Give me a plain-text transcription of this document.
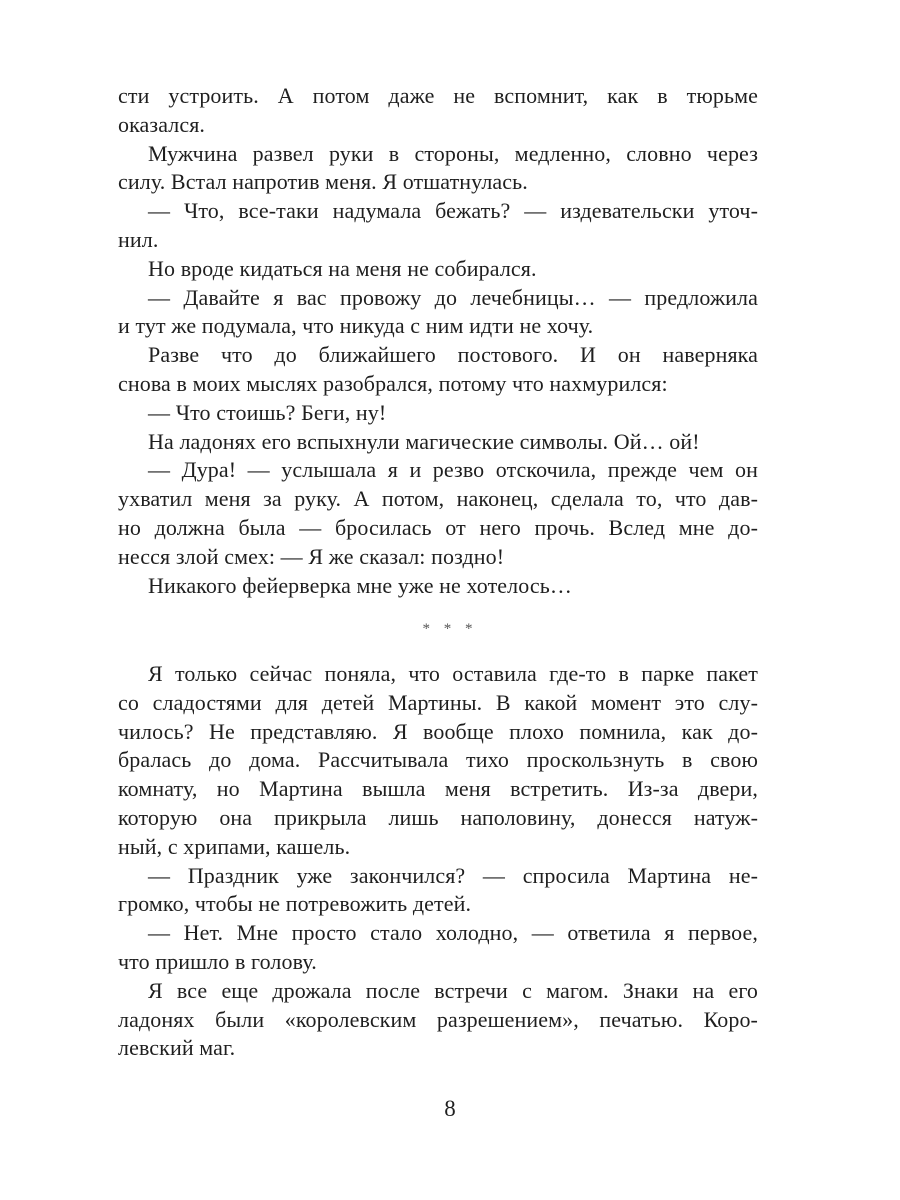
сти устроить. А потом даже не вспомнит, как в тюрьме
оказался.
Мужчина развел руки в стороны, медленно, словно через
силу. Встал напротив меня. Я отшатнулась.
— Что, все-таки надумала бежать? — издевательски уточ-
нил.
Но вроде кидаться на меня не собирался.
— Давайте я вас провожу до лечебницы… — предложила
и тут же подумала, что никуда с ним идти не хочу.
Разве что до ближайшего постового. И он наверняка
снова в моих мыслях разобрался, потому что нахмурился:
— Что стоишь? Беги, ну!
На ладонях его вспыхнули магические символы. Ой… ой!
— Дура! — услышала я и резво отскочила, прежде чем он
ухватил меня за руку. А потом, наконец, сделала то, что дав-
но должна была — бросилась от него прочь. Вслед мне до-
несся злой смех: — Я же сказал: поздно!
Никакого фейерверка мне уже не хотелось…
* * *
Я только сейчас поняла, что оставила где-то в парке пакет
со сладостями для детей Мартины. В какой момент это слу-
чилось? Не представляю. Я вообще плохо помнила, как до-
бралась до дома. Рассчитывала тихо проскользнуть в свою
комнату, но Мартина вышла меня встретить. Из-за двери,
которую она прикрыла лишь наполовину, донесся натуж-
ный, с хрипами, кашель.
— Праздник уже закончился? — спросила Мартина не-
громко, чтобы не потревожить детей.
— Нет. Мне просто стало холодно, — ответила я первое,
что пришло в голову.
Я все еще дрожала после встречи с магом. Знаки на его
ладонях были «королевским разрешением», печатью. Коро-
левский маг.
8
